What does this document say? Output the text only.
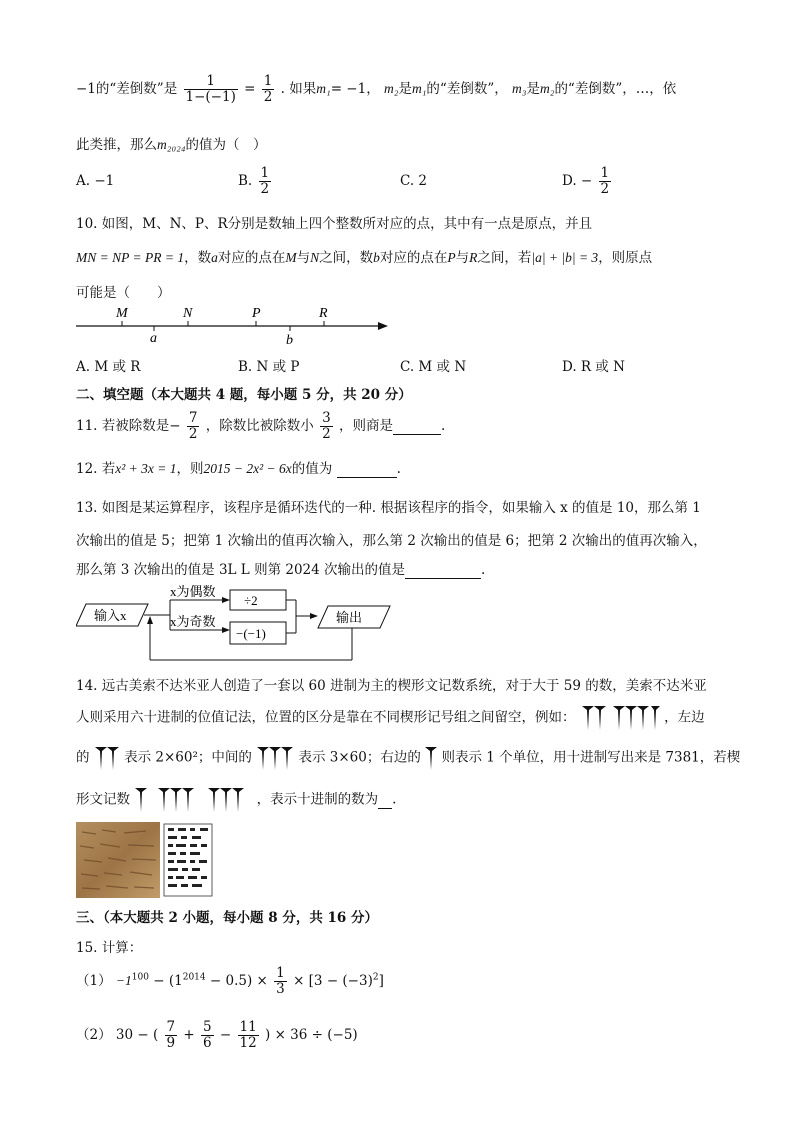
−1的“差倒数”是 $\frac{1}{1-(-1)} = \frac{1}{2}$ . 如果m₁= −1， m₂是m₁的“差倒数”， m₃是m₂的“差倒数”，…，依
此类推，那么m₂₀₂₄的值为（　）
A. −1	B. $\frac{1}{2}$	C. 2	D. − $\frac{1}{2}$
10. 如图，M、N、P、R分别是数轴上四个整数所对应的点，其中有一点是原点，并且
MN = NP = PR = 1，数a对应的点在M与N之间，数b对应的点在P与R之间，若|a| + |b| = 3，则原点
可能是（　　）
M	N	P	R
a	b
A. M 或 R	B. N 或 P	C. M 或 N	D. R 或 N
二、填空题（本大题共 4 题，每小题 5 分，共 20 分）
11. 若被除数是− $\frac{7}{2}$ ，除数比被除数小 $\frac{3}{2}$ ，则商是	.
12. 若x² + 3x = 1，则2015 − 2x² − 6x的值为	.
13. 如图是某运算程序，该程序是循环迭代的一种. 根据该程序的指令，如果输入 x 的值是 10，那么第 1
次输出的值是 5；把第 1 次输出的值再次输入，那么第 2 次输出的值是 6；把第 2 次输出的值再次输入，
那么第 3 次输出的值是 3L L 则第 2024 次输出的值是	.
输入x
x为偶数
x为奇数
÷2
−(−1)
输出
14. 远古美索不达米亚人创造了一套以 60 进制为主的楔形文记数系统，对于大于 59 的数，美索不达米亚
人则采用六十进制的位值记法，位置的区分是靠在不同楔形记号组之间留空，例如：	，左边
的	表示 2×60²；中间的	表示 3×60；右边的 则表示 1 个单位，用十进制写出来是 7381，若楔
形文记数	，表示十进制的数为 .
三、（本大题共 2 小题，每小题 8 分，共 16 分）
15. 计算：
$(1) -1^{100} - (1^{2014} - 0.5) \times \frac{1}{3} \times [3 - (-3)^2]$
（2） 30 − ( $\frac{7}{9} + \frac{5}{6} - \frac{11}{12}$ ) × 36 ÷ (−5)
